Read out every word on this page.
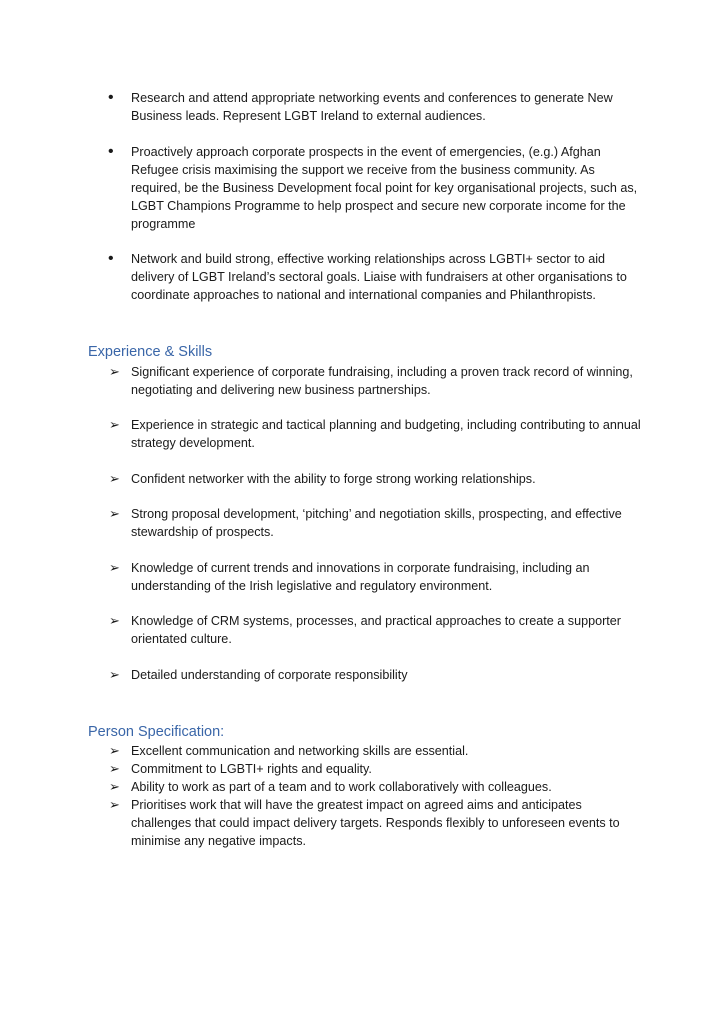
•	Research and attend appropriate networking events and conferences to generate New Business leads. Represent LGBT Ireland to external audiences.
•	Proactively approach corporate prospects in the event of emergencies, (e.g.) Afghan Refugee crisis maximising the support we receive from the business community. As required, be the Business Development focal point for key organisational projects, such as, LGBT Champions Programme to help prospect and secure new corporate income for the programme
•	Network and build strong, effective working relationships across LGBTI+ sector to aid delivery of LGBT Ireland’s sectoral goals. Liaise with fundraisers at other organisations to coordinate approaches to national and international companies and Philanthropists.
Experience & Skills
➢ Significant experience of corporate fundraising, including a proven track record of winning, negotiating and delivering new business partnerships.
➢ Experience in strategic and tactical planning and budgeting, including contributing to annual strategy development.
➢ Confident networker with the ability to forge strong working relationships.
➢ Strong proposal development, ‘pitching’ and negotiation skills, prospecting, and effective stewardship of prospects.
➢ Knowledge of current trends and innovations in corporate fundraising, including an understanding of the Irish legislative and regulatory environment.
➢ Knowledge of CRM systems, processes, and practical approaches to create a supporter orientated culture.
➢ Detailed understanding of corporate responsibility
Person Specification:
➢ Excellent communication and networking skills are essential.
➢ Commitment to LGBTI+ rights and equality.
➢ Ability to work as part of a team and to work collaboratively with colleagues.
➢ Prioritises work that will have the greatest impact on agreed aims and anticipates challenges that could impact delivery targets. Responds flexibly to unforeseen events to minimise any negative impacts.
